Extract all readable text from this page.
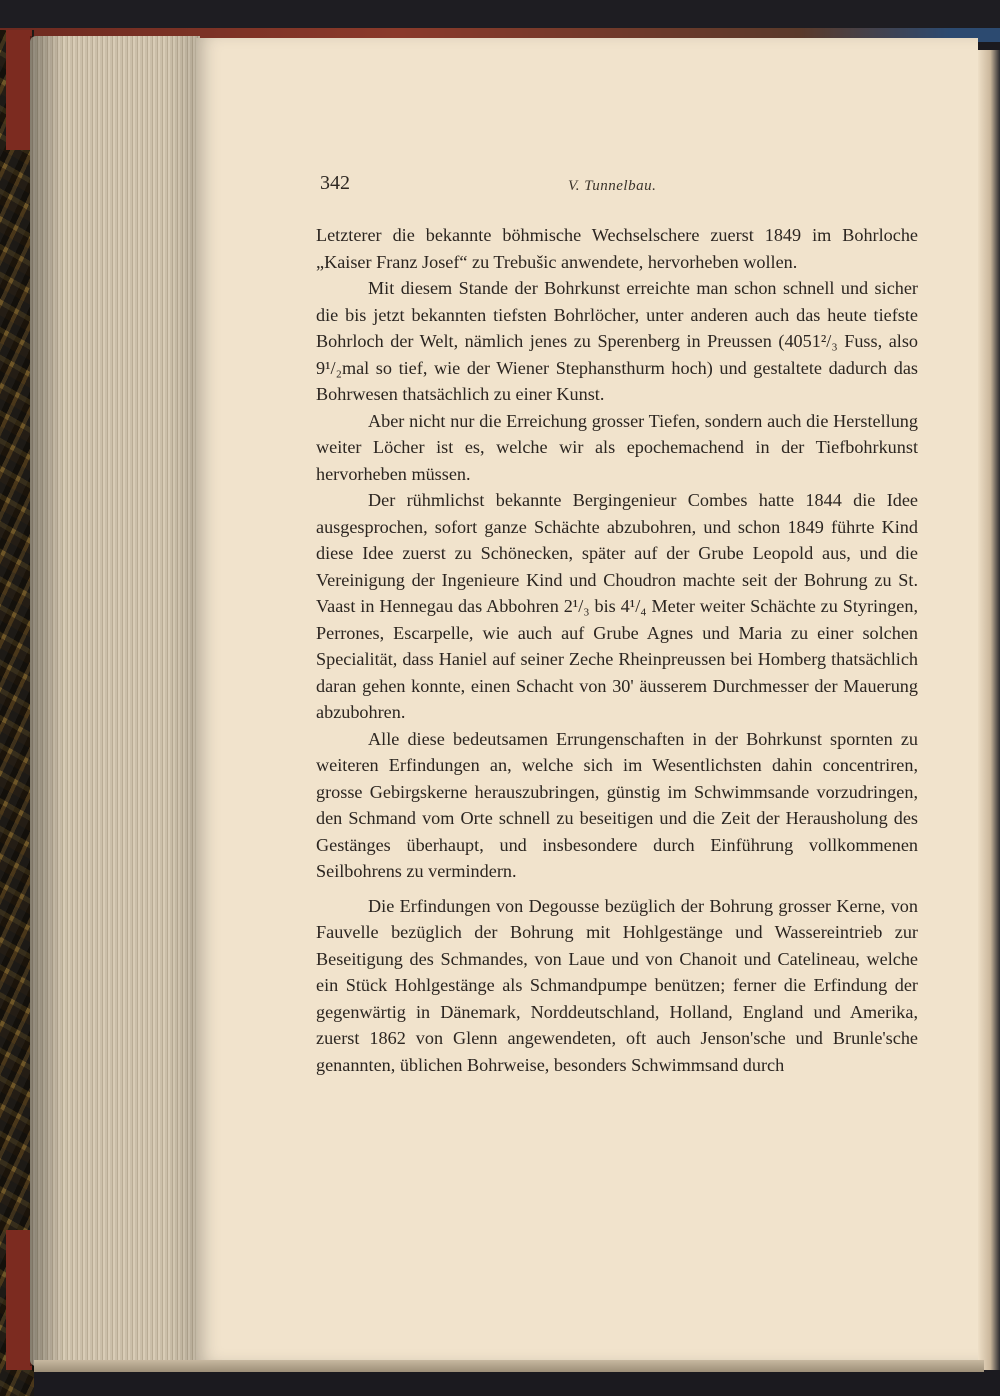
342	V. Tunnelbau.

Letzterer die bekannte böhmische Wechselschere zuerst 1849 im Bohrloche „Kaiser Franz Josef“ zu Trebušic anwendete, hervorheben wollen.

Mit diesem Stande der Bohrkunst erreichte man schon schnell und sicher die bis jetzt bekannten tiefsten Bohrlöcher, unter anderen auch das heute tiefste Bohrloch der Welt, nämlich jenes zu Sperenberg in Preussen (4051²/₃ Fuss, also 9¹/₂mal so tief, wie der Wiener Stephansthurm hoch) und gestaltete dadurch das Bohrwesen thatsächlich zu einer Kunst.

Aber nicht nur die Erreichung grosser Tiefen, sondern auch die Herstellung weiter Löcher ist es, welche wir als epochemachend in der Tiefbohrkunst hervorheben müssen.

Der rühmlichst bekannte Bergingenieur Combes hatte 1844 die Idee ausgesprochen, sofort ganze Schächte abzubohren, und schon 1849 führte Kind diese Idee zuerst zu Schönecken, später auf der Grube Leopold aus, und die Vereinigung der Ingenieure Kind und Choudron machte seit der Bohrung zu St. Vaast in Hennegau das Abbohren 2¹/₃ bis 4¹/₄ Meter weiter Schächte zu Styringen, Perrones, Escarpelle, wie auch auf Grube Agnes und Maria zu einer solchen Specialität, dass Haniel auf seiner Zeche Rheinpreussen bei Homberg thatsächlich daran gehen konnte, einen Schacht von 30' äusserem Durchmesser der Mauerung abzubohren.

Alle diese bedeutsamen Errungenschaften in der Bohrkunst spornten zu weiteren Erfindungen an, welche sich im Wesentlichsten dahin concentriren, grosse Gebirgskerne herauszubringen, günstig im Schwimmsande vorzudringen, den Schmand vom Orte schnell zu beseitigen und die Zeit der Herausholung des Gestänges überhaupt, und insbesondere durch Einführung vollkommenen Seilbohrens zu vermindern.

Die Erfindungen von Degousse bezüglich der Bohrung grosser Kerne, von Fauvelle bezüglich der Bohrung mit Hohlgestänge und Wassereintrieb zur Beseitigung des Schmandes, von Laue und von Chanoit und Catelineau, welche ein Stück Hohlgestänge als Schmandpumpe benützen; ferner die Erfindung der gegenwärtig in Dänemark, Norddeutschland, Holland, England und Amerika, zuerst 1862 von Glenn angewendeten, oft auch Jenson'sche und Brunle'sche genannten, üblichen Bohrweise, besonders Schwimmsand durch
